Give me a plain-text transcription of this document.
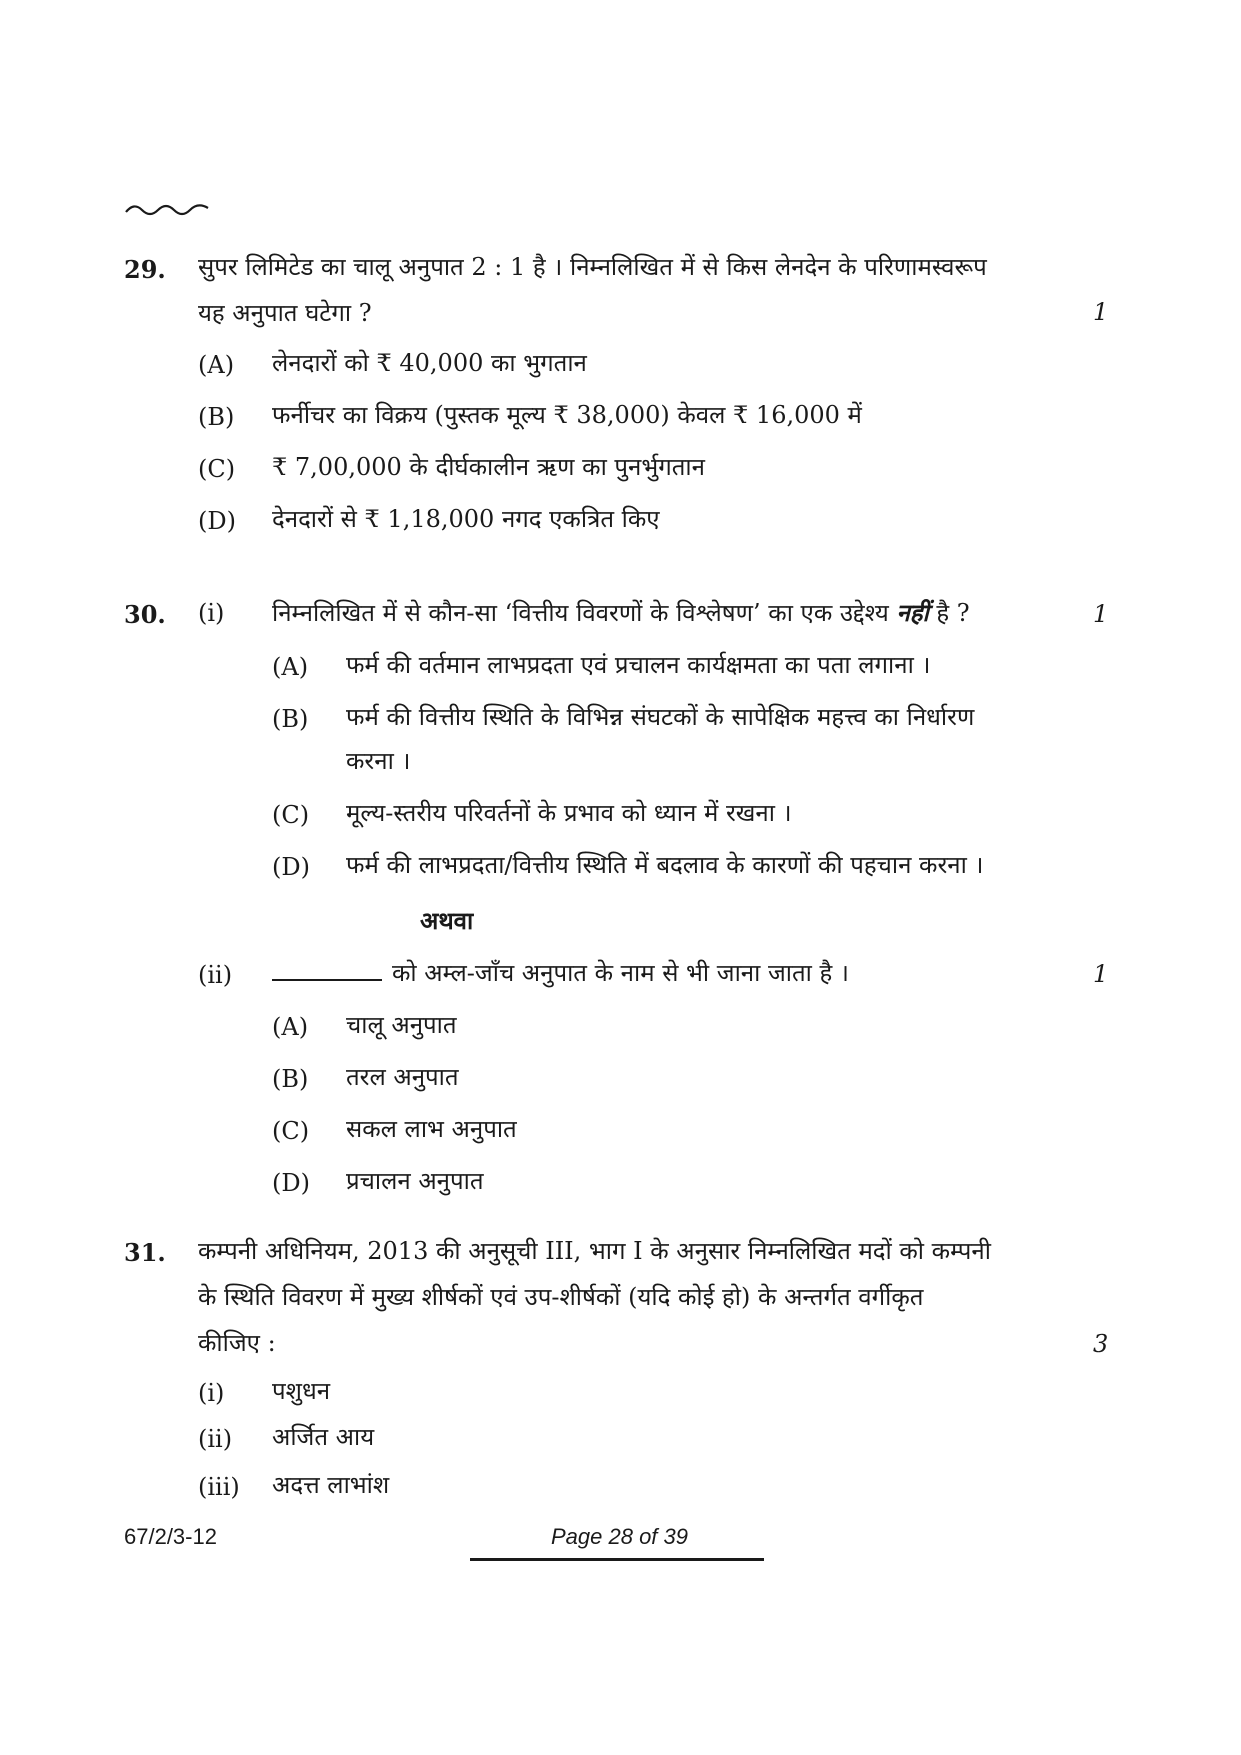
29. सुपर लिमिटेड का चालू अनुपात 2 : 1 है । निम्नलिखित में से किस लेनदेन के परिणामस्वरूप
यह अनुपात घटेगा ?	1
(A) लेनदारों को ₹ 40,000 का भुगतान
(B) फर्नीचर का विक्रय (पुस्तक मूल्य ₹ 38,000) केवल ₹ 16,000 में
(C) ₹ 7,00,000 के दीर्घकालीन ऋण का पुनर्भुगतान
(D) देनदारों से ₹ 1,18,000 नगद एकत्रित किए
30. (i) निम्नलिखित में से कौन-सा ‘वित्तीय विवरणों के विश्लेषण’ का एक उद्देश्य नहीं है ?	1
(A) फर्म की वर्तमान लाभप्रदता एवं प्रचालन कार्यक्षमता का पता लगाना ।
(B) फर्म की वित्तीय स्थिति के विभिन्न संघटकों के सापेक्षिक महत्त्व का निर्धारण
करना ।
(C) मूल्य-स्तरीय परिवर्तनों के प्रभाव को ध्यान में रखना ।
(D) फर्म की लाभप्रदता/वित्तीय स्थिति में बदलाव के कारणों की पहचान करना ।
अथवा
(ii)	को अम्ल-जाँच अनुपात के नाम से भी जाना जाता है ।	1
(A) चालू अनुपात
(B) तरल अनुपात
(C) सकल लाभ अनुपात
(D) प्रचालन अनुपात
31. कम्पनी अधिनियम, 2013 की अनुसूची III, भाग I के अनुसार निम्नलिखित मदों को कम्पनी
के स्थिति विवरण में मुख्य शीर्षकों एवं उप-शीर्षकों (यदि कोई हो) के अन्तर्गत वर्गीकृत
कीजिए :	3
(i) पशुधन
(ii) अर्जित आय
(iii) अदत्त लाभांश
67/2/3-12	Page 28 of 39
